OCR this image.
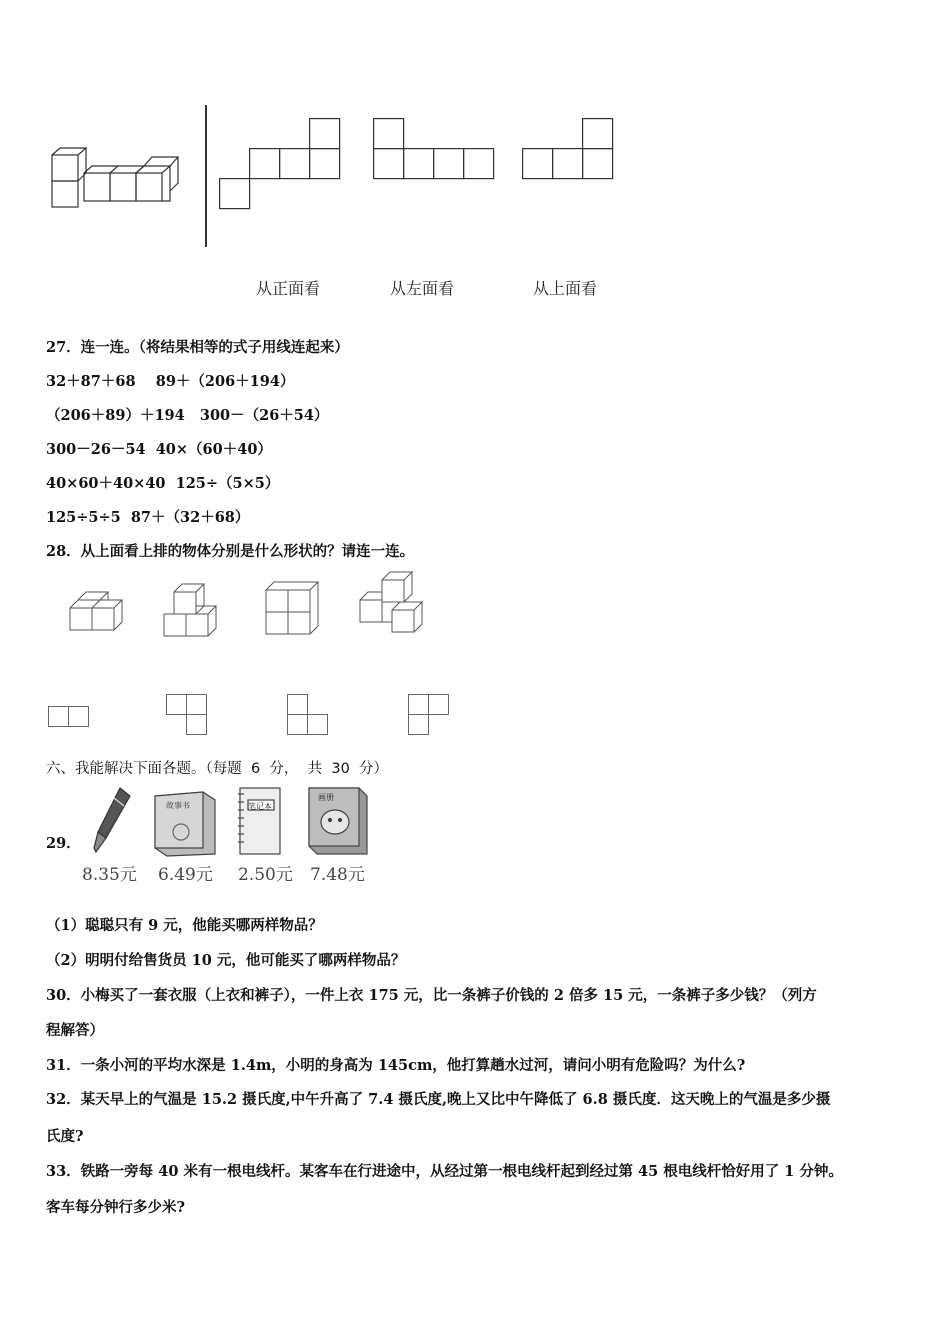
从正面看	从左面看	从上面看
27．连一连。（将结果相等的式子用线连起来）
32＋87＋68    89＋（206＋194）
（206＋89）＋194   300－（26＋54）
300－26－54  40×（60＋40）
40×60＋40×40  125÷（5×5）
125÷5÷5  87＋（32＋68）
28．从上面看上排的物体分别是什么形状的？请连一连。
六、我能解决下面各题。（每题  6  分，  共  30  分）
29．
8.35元
故事书
6.49元
笔记本
2.50元
画册
7.48元
（1）聪聪只有 9 元，他能买哪两样物品？
（2）明明付给售货员 10 元，他可能买了哪两样物品？
30．小梅买了一套衣服（上衣和裤子），一件上衣 175 元，比一条裤子价钱的 2 倍多 15 元，一条裤子多少钱？（列方
程解答）
31．一条小河的平均水深是 1.4m，小明的身高为 145cm，他打算趟水过河，请问小明有危险吗？为什么?
32．某天早上的气温是 15.2 摄氏度,中午升高了 7.4 摄氏度,晚上又比中午降低了 6.8 摄氏度．这天晚上的气温是多少摄
氏度?
33．铁路一旁每 40 米有一根电线杆。某客车在行进途中，从经过第一根电线杆起到经过第 45 根电线杆恰好用了 1 分钟。
客车每分钟行多少米?
